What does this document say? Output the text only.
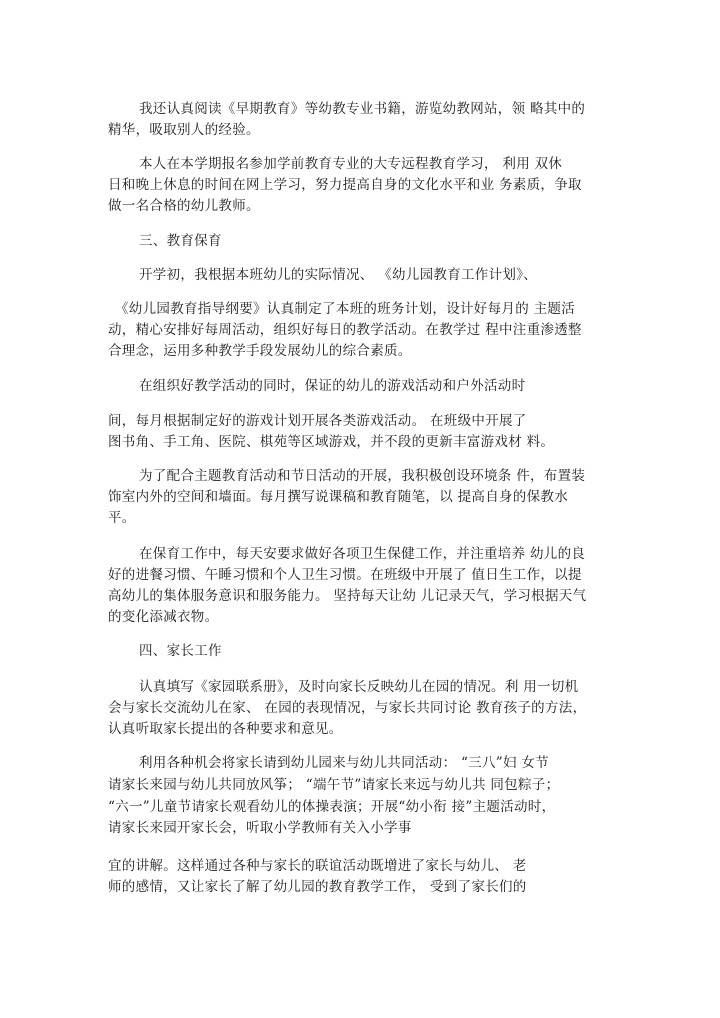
我还认真阅读《早期教育》等幼教专业书籍，游览幼教网站，领 略其中的
精华，吸取别人的经验。
本人在本学期报名参加学前教育专业的大专远程教育学习， 利用 双休
日和晚上休息的时间在网上学习，努力提高自身的文化水平和业 务素质，争取
做一名合格的幼儿教师。
三、教育保育
开学初，我根据本班幼儿的实际情况、 《幼儿园教育工作计划》、
《幼儿园教育指导纲要》认真制定了本班的班务计划，设计好每月的 主题活
动，精心安排好每周活动，组织好每日的教学活动。在教学过 程中注重渗透整
合理念，运用多种教学手段发展幼儿的综合素质。
在组织好教学活动的同时，保证的幼儿的游戏活动和户外活动时
间，每月根据制定好的游戏计划开展各类游戏活动。 在班级中开展了
图书角、手工角、医院、棋苑等区域游戏，并不段的更新丰富游戏材 料。
为了配合主题教育活动和节日活动的开展，我积极创设环境条 件，布置装
饰室内外的空间和墙面。每月撰写说课稿和教育随笔，以 提高自身的保教水
平。
在保育工作中，每天安要求做好各项卫生保健工作，并注重培养 幼儿的良
好的进餐习惯、午睡习惯和个人卫生习惯。在班级中开展了 值日生工作，以提
高幼儿的集体服务意识和服务能力。 坚持每天让幼 儿记录天气，学习根据天气
的变化添减衣物。
四、家长工作
认真填写《家园联系册》，及时向家长反映幼儿在园的情况。利 用一切机
会与家长交流幼儿在家、 在园的表现情况，与家长共同讨论 教育孩子的方法，
认真听取家长提出的各种要求和意见。
利用各种机会将家长请到幼儿园来与幼儿共同活动： “三八”妇 女节
请家长来园与幼儿共同放风筝； “端午节”请家长来远与幼儿共 同包粽子；
“六一”儿童节请家长观看幼儿的体操表演；开展“幼小衔 接”主题活动时，
请家长来园开家长会，听取小学教师有关入小学事
宜的讲解。这样通过各种与家长的联谊活动既增进了家长与幼儿、 老
师的感情，又让家长了解了幼儿园的教育教学工作， 受到了家长们的
